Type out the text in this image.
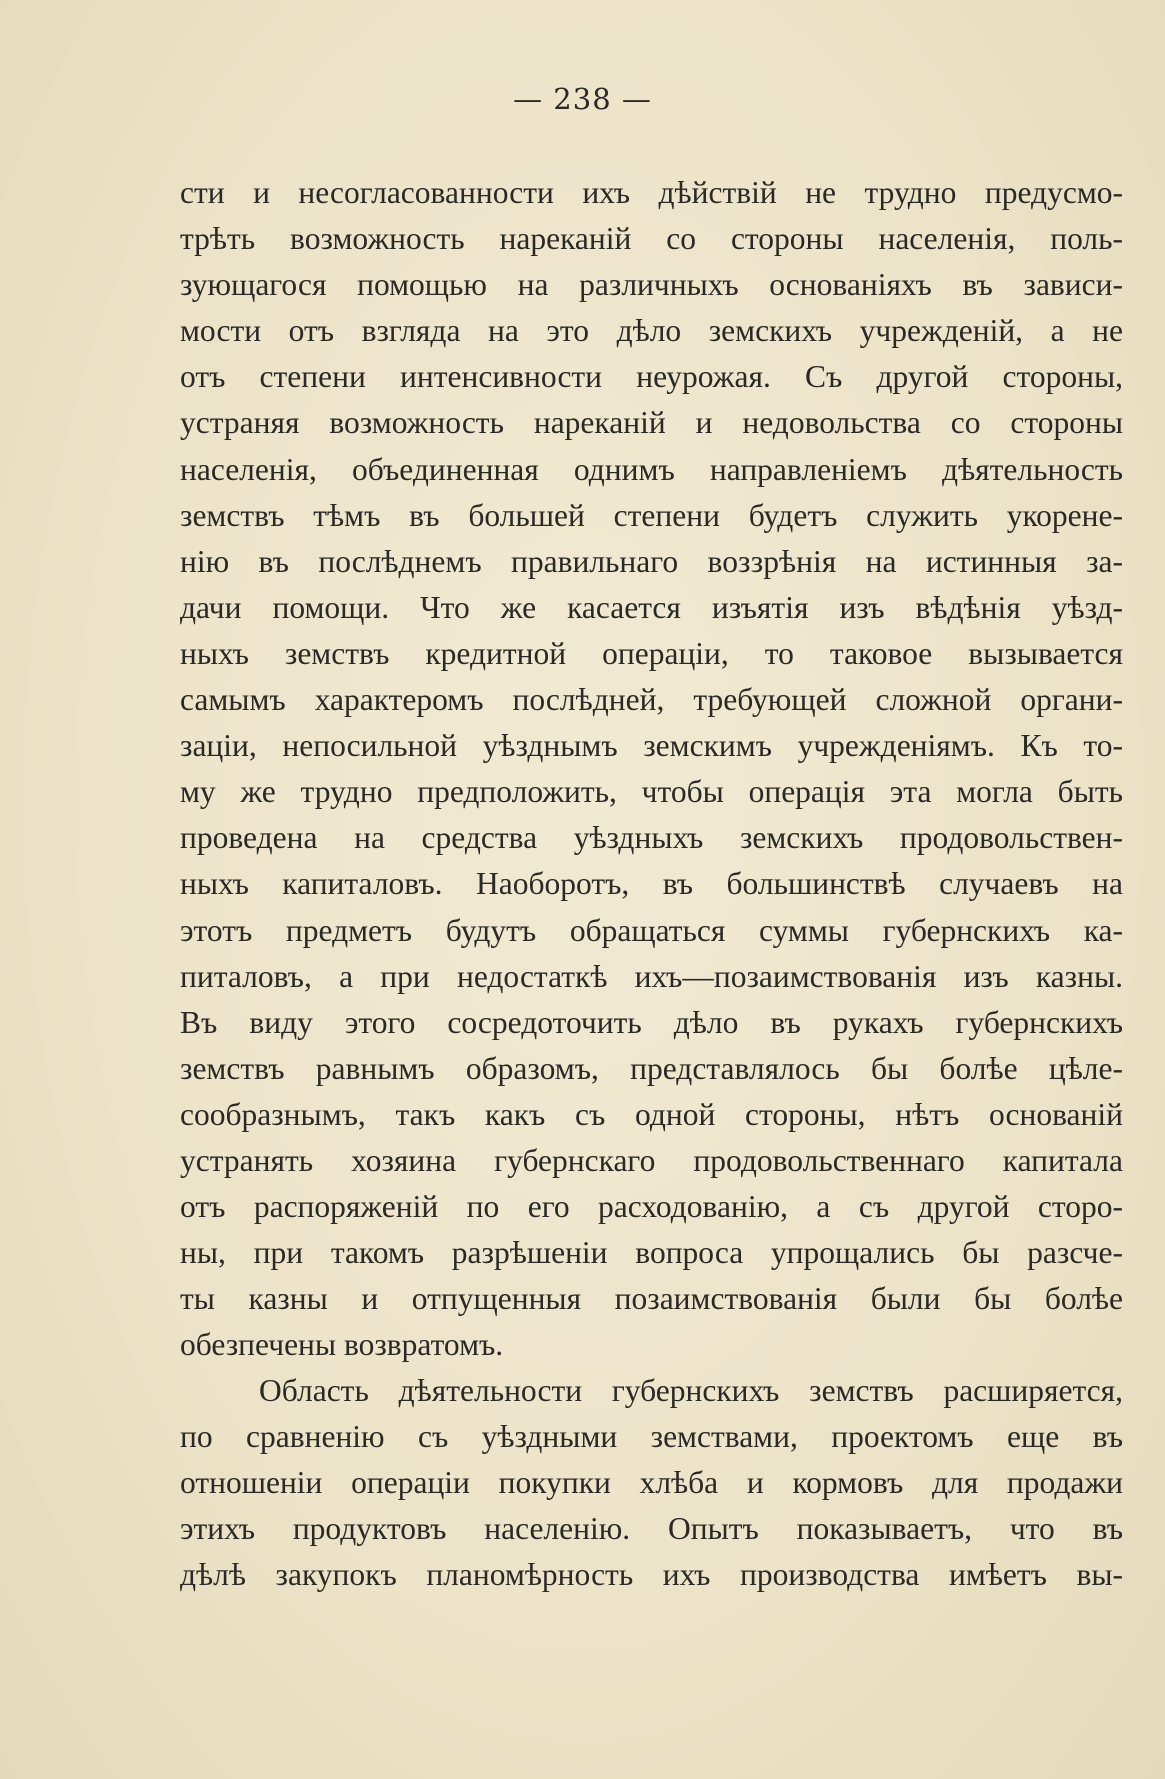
— 238 —
сти и несогласованности ихъ дѣйствій не трудно предусмо-
трѣть возможность нареканій со стороны населенія, поль-
зующагося помощью на различныхъ основаніяхъ въ зависи-
мости отъ взгляда на это дѣло земскихъ учрежденій, а не
отъ степени интенсивности неурожая. Съ другой стороны,
устраняя возможность нареканій и недовольства со стороны
населенія, объединенная однимъ направленіемъ дѣятельность
земствъ тѣмъ въ большей степени будетъ служить укорене-
нію въ послѣднемъ правильнаго воззрѣнія на истинныя за-
дачи помощи. Что же касается изъятія изъ вѣдѣнія уѣзд-
ныхъ земствъ кредитной операціи, то таковое вызывается
самымъ характеромъ послѣдней, требующей сложной органи-
заціи, непосильной уѣзднымъ земскимъ учрежденіямъ. Къ то-
му же трудно предположить, чтобы операція эта могла быть
проведена на средства уѣздныхъ земскихъ продовольствен-
ныхъ капиталовъ. Наоборотъ, въ большинствѣ случаевъ на
этотъ предметъ будутъ обращаться суммы губернскихъ ка-
питаловъ, а при недостаткѣ ихъ—позаимствованія изъ казны.
Въ виду этого сосредоточить дѣло въ рукахъ губернскихъ
земствъ равнымъ образомъ, представлялось бы болѣе цѣле-
сообразнымъ, такъ какъ съ одной стороны, нѣтъ основаній
устранять хозяина губернскаго продовольственнаго капитала
отъ распоряженій по его расходованію, а съ другой сторо-
ны, при такомъ разрѣшеніи вопроса упрощались бы разсче-
ты казны и отпущенныя позаимствованія были бы болѣе
обезпечены возвратомъ.
Область дѣятельности губернскихъ земствъ расширяется,
по сравненію съ уѣздными земствами, проектомъ еще въ
отношеніи операціи покупки хлѣба и кормовъ для продажи
этихъ продуктовъ населенію. Опытъ показываетъ, что въ
дѣлѣ закупокъ планомѣрность ихъ производства имѣетъ вы-
